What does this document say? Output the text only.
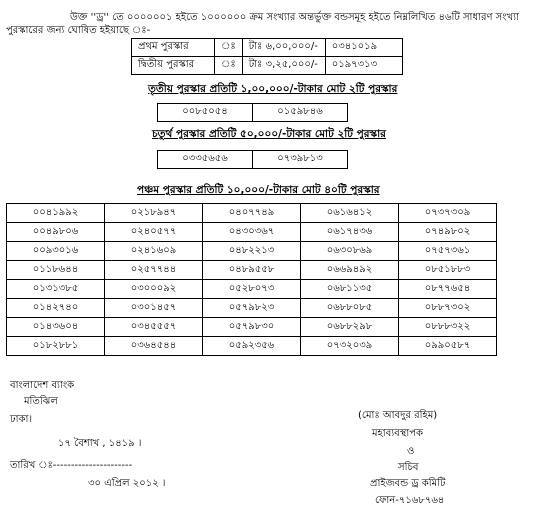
উক্ত ''ড্র'' তে ০০০০০০১ হইতে ১০০০০০০ ক্রম সংখ্যার অন্তর্ভুক্ত বন্ডসমূহ হইতে নিম্নলিখিত ৪৬টি সাধারণ সংখ্যা
পুরস্কারের জন্য ঘোষিত হইয়াছে ঃ-
প্রথম পুরস্কার	ঃ	টাঃ ৬,০০,০০০/-	০৩৪১০১৯
দ্বিতীয় পুরস্কার	ঃ	টাঃ ৩,২৫,০০০/-	০১৯৭৩১৩
তৃতীয় পুরস্কার প্রতিটি ১,০০,০০০/-টাকার মোট ২টি পুরস্কার
০০৮৫০৫৪	০১৫৯৮৪৬
চতুর্থ পুরস্কার প্রতিটি ৫০,০০০/-টাকার মোট ২টি পুরস্কার
০৩৩৫৬৫৬	০৭৩৯৮১৩
পঞ্চম পুরস্কার প্রতিটি ১০,০০০/-টাকার মোট ৪০টি পুরস্কার
০০৪১৯৯২	০২১৮৯৪৭	০৪০৭৭৪৯	০৬১৬৪১২	০৭৩৭৩০৯
০০৪৯৮০৬	০২৪০৫৭৭	০৪৩০৩৬৭	০৬১৭৪৩৬	০৭৪৯৮০২
০০৯৩০১৬	০২৪১৬০৯	০৪৮২২১৩	০৬৩০৮৬৯	০৭৫৭৩৬১
০১১৮৬৪৪	০২৫৭৭৪৪	০৪৮৯৫৫৮	০৬৬৯৪৯২	০৮৫১৮৮৩
০১৩১৩৮৫	০৩০০০৯২	০৫২৮০৭৩	০৬৮১১৩৫	০৮৭৭৬৫৪
০১৪২৭৪০	০৩০১৪৫৭	০৫৭৯৮২৩	০৬৮৮০৮৫	০৮৮৭৩০২
০১৪৩৬০৪	০৩৪৫৫৫৭	০৫৭৯৮৩০	০৬৮৮২৯৮	০৮৮৮৩২২
০১৮২৮৮১	০৩৬৪৫৪৪	০৫৯২৩৫৬	০৭৩২০৩৯	০৯৯০৫৮৭
বাংলাদেশ ব্যাংক
মতিঝিল
ঢাকা।
১৭ বৈশাখ , ১৪১৯ ।
তারিখ ঃ----------------------
৩০ এপ্রিল ২০১২ ।
(মোঃ আবদুর রহিম)
মহাব্যবস্থাপক
ও
সচিব
প্রাইজবন্ড ড্র কমিটি
ফোন-৭১৬৮৭৬৪
